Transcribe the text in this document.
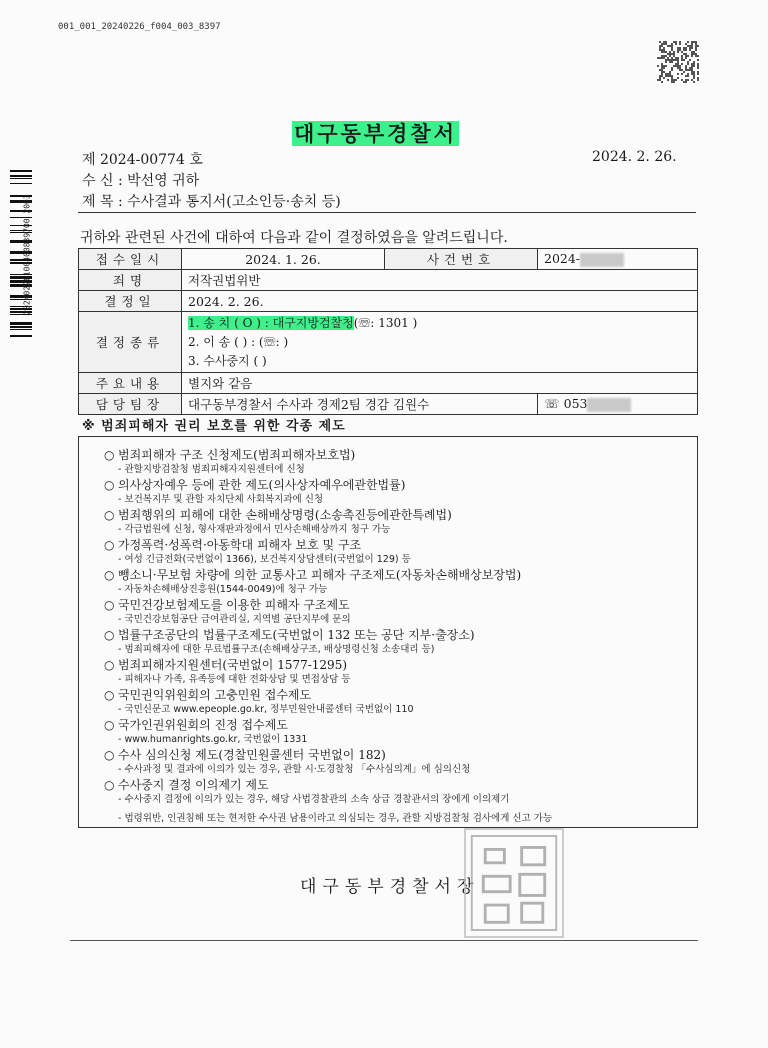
001_001_20240226_f004_003_8397
20240226100400839700 2003
대구동부경찰서
제 2024-00774 호	2024. 2. 26.
수 신 : 박선영 귀하
제 목 : 수사결과 통지서(고소인등·송치 등)
귀하와 관련된 사건에 대하여 다음과 같이 결정하였음을 알려드립니다.
접수일시	2024. 1. 26.	사건번호	2024-
죄명	저작권법위반		
결정일	2024. 2. 26.		
결정종류	1. 송 치 ( O ) : 대구지방검찰청(☏: 1301 )
2. 이 송 ( ) : (☏: )
3. 수사중지 ( )		

주요내용	별지와 같음		
담당팀장	대구동부경찰서 수사과 경제2팀 경감 김원수		☏ 053
※ 범죄피해자 권리 보호를 위한 각종 제도
○ 범죄피해자 구조 신청제도(범죄피해자보호법)
- 관할지방검찰청 범죄피해자지원센터에 신청
○ 의사상자예우 등에 관한 제도(의사상자예우에관한법률)
- 보건복지부 및 관할 자치단체 사회복지과에 신청
○ 범죄행위의 피해에 대한 손해배상명령(소송촉진등에관한특례법)
- 각급법원에 신청, 형사재판과정에서 민사손해배상까지 청구 가능
○ 가정폭력·성폭력·아동학대 피해자 보호 및 구조
- 여성 긴급전화(국번없이 1366), 보건복지상담센터(국번없이 129) 등
○ 뺑소니·무보험 차량에 의한 교통사고 피해자 구조제도(자동차손해배상보장법)
- 자동차손해배상진흥원(1544-0049)에 청구 가능
○ 국민건강보험제도를 이용한 피해자 구조제도
- 국민건강보험공단 급여관리실, 지역별 공단지부에 문의
○ 법률구조공단의 법률구조제도(국번없이 132 또는 공단 지부·출장소)
- 범죄피해자에 대한 무료법률구조(손해배상구조, 배상명령신청 소송대리 등)
○ 범죄피해자지원센터(국번없이 1577-1295)
- 피해자나 가족, 유족등에 대한 전화상담 및 면접상담 등
○ 국민권익위원회의 고충민원 접수제도
- 국민신문고 www.epeople.go.kr, 정부민원안내콜센터 국번없이 110
○ 국가인권위원회의 진정 접수제도
- www.humanrights.go.kr, 국번없이 1331
○ 수사 심의신청 제도(경찰민원콜센터 국번없이 182)
- 수사과정 및 결과에 이의가 있는 경우, 관할 시·도경찰청 「수사심의계」에 심의신청
○ 수사중지 결정 이의제기 제도
- 수사중지 결정에 이의가 있는 경우, 해당 사법경찰관의 소속 상급 경찰관서의 장에게 이의제기
- 법령위반, 인권침해 또는 현저한 수사권 남용이라고 의심되는 경우, 관할 지방검찰청 검사에게 신고 가능
대구동부경찰서장
